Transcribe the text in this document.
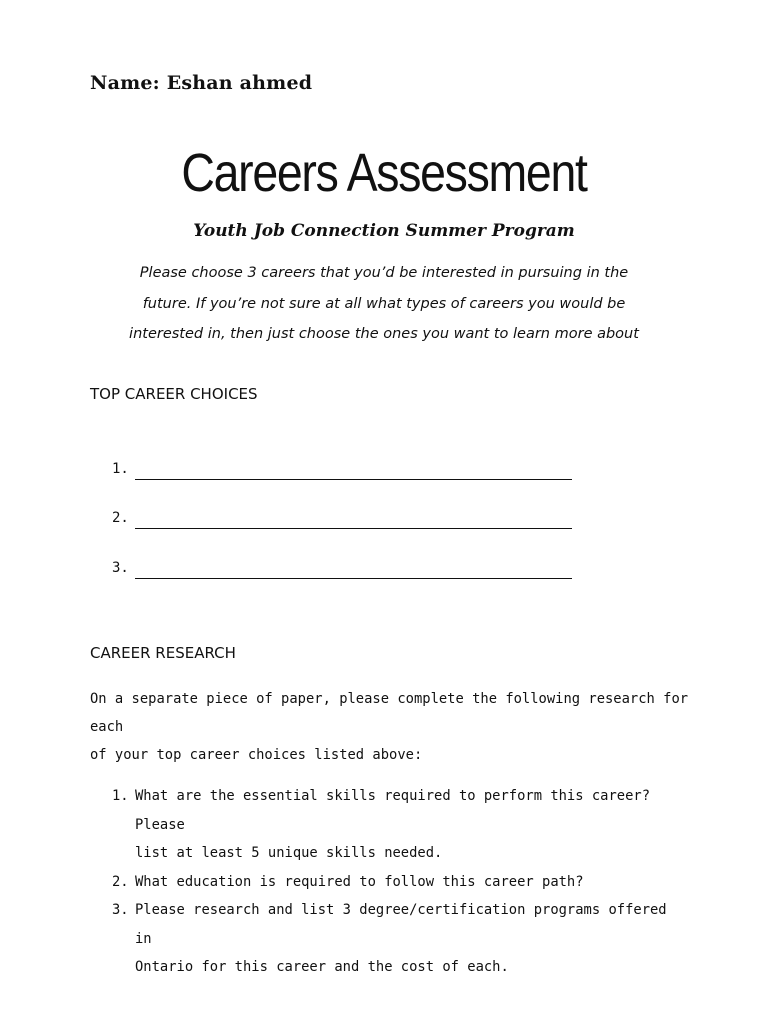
Name: Eshan ahmed
Careers Assessment
Youth Job Connection Summer Program
Please choose 3 careers that you’d be interested in pursuing in the
future. If you’re not sure at all what types of careers you would be
interested in, then just choose the ones you want to learn more about
TOP CAREER CHOICES
1.
2.
3.
CAREER RESEARCH
On a separate piece of paper, please complete the following research for each
of your top career choices listed above:
1. What are the essential skills required to perform this career? Please
list at least 5 unique skills needed.
2. What education is required to follow this career path?
3. Please research and list 3 degree/certification programs offered in
Ontario for this career and the cost of each.
